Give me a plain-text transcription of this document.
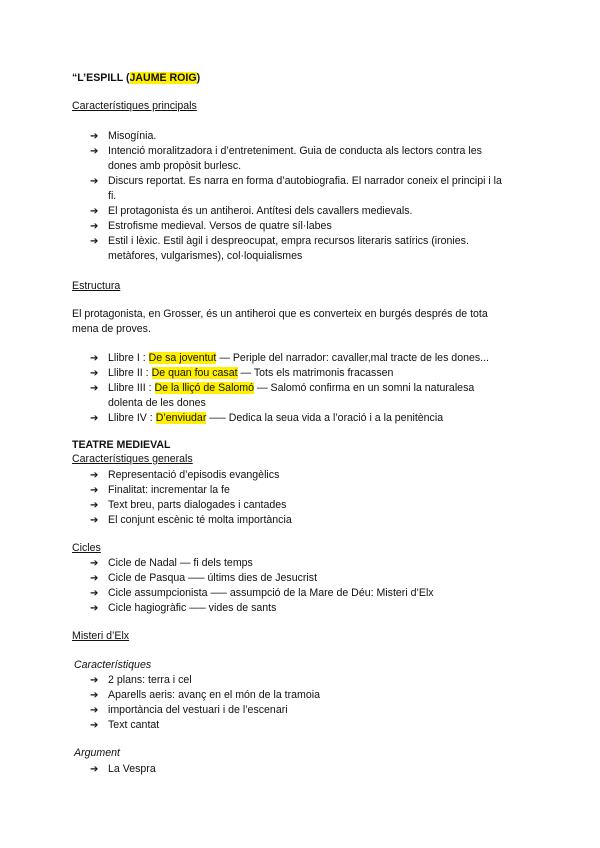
“L’ESPILL (JAUME ROIG)
Característiques principals
➔ Misogínia.
➔ Intenció moralitzadora i d’entreteniment. Guia de conducta als lectors contra les
dones amb propòsit burlesc.
➔ Discurs reportat. Es narra en forma d’autobiografia. El narrador coneix el principi i la
fi.
➔ El protagonista és un antiheroi. Antítesi dels cavallers medievals.
➔ Estrofisme medieval. Versos de quatre síl·labes
➔ Estil i lèxic. Estil àgil i despreocupat, empra recursos literaris satírics (ironies.
metàfores, vulgarismes), col·loquialismes
Estructura
El protagonista, en Grosser, és un antiheroi que es converteix en burgés després de tota
mena de proves.
➔ Llibre I : De sa joventut — Periple del narrador: cavaller,mal tracte de les dones...
➔ Llibre II : De quan fou casat — Tots els matrimonis fracassen
➔ Llibre III : De la lliçó de Salomó — Salomó confirma en un somni la naturalesa
dolenta de les dones
➔ Llibre IV : D’enviudar —– Dedica la seua vida a l’oració i a la penitència
TEATRE MEDIEVAL
Característiques generals
➔ Representació d’episodis evangèlics
➔ Finalitat: incrementar la fe
➔ Text breu, parts dialogades i cantades
➔ El conjunt escènic té molta importància
Cicles
➔ Cicle de Nadal — fi dels temps
➔ Cicle de Pasqua —– últims dies de Jesucrist
➔ Cicle assumpcionista —– assumpció de la Mare de Déu: Misteri d’Elx
➔ Cicle hagiogràfic —– vides de sants
Misteri d’Elx
Característiques
➔ 2 plans: terra i cel
➔ Aparells aeris: avanç en el món de la tramoia
➔ importància del vestuari i de l’escenari
➔ Text cantat
Argument
➔ La Vespra
